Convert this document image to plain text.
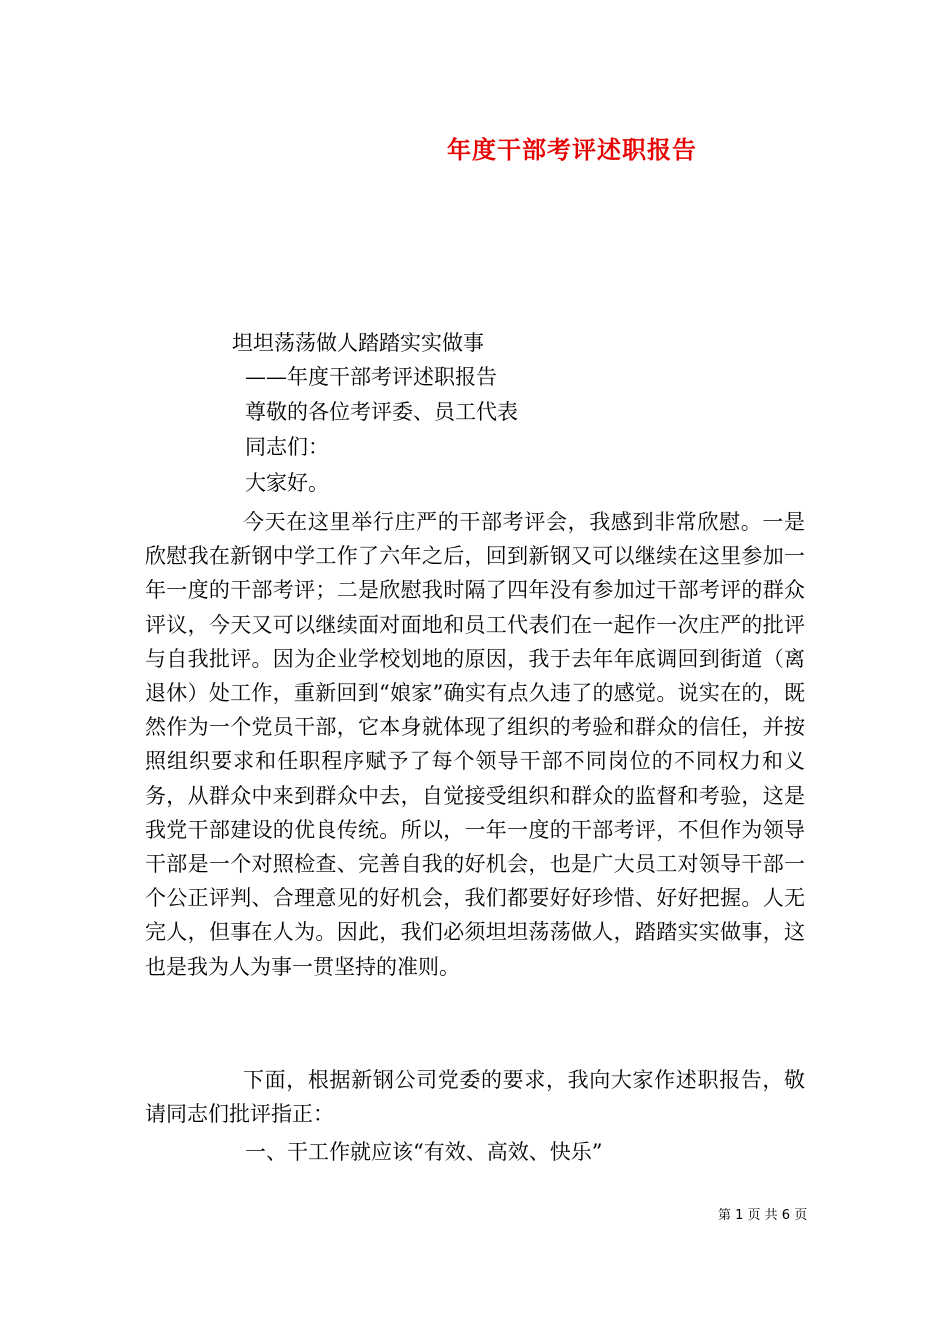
年度干部考评述职报告
坦坦荡荡做人踏踏实实做事
——年度干部考评述职报告
尊敬的各位考评委、员工代表
同志们：
大家好。
今天在这里举行庄严的干部考评会，我感到非常欣慰。一是欣慰我在新钢中学工作了六年之后，回到新钢又可以继续在这里参加一年一度的干部考评；二是欣慰我时隔了四年没有参加过干部考评的群众评议，今天又可以继续面对面地和员工代表们在一起作一次庄严的批评与自我批评。因为企业学校划地的原因，我于去年年底调回到街道（离退休）处工作，重新回到“娘家”确实有点久违了的感觉。说实在的，既然作为一个党员干部，它本身就体现了组织的考验和群众的信任，并按照组织要求和任职程序赋予了每个领导干部不同岗位的不同权力和义务，从群众中来到群众中去，自觉接受组织和群众的监督和考验，这是我党干部建设的优良传统。所以，一年一度的干部考评，不但作为领导干部是一个对照检查、完善自我的好机会，也是广大员工对领导干部一个公正评判、合理意见的好机会，我们都要好好珍惜、好好把握。人无完人，但事在人为。因此，我们必须坦坦荡荡做人，踏踏实实做事，这也是我为人为事一贯坚持的准则。
下面，根据新钢公司党委的要求，我向大家作述职报告，敬请同志们批评指正：
一、干工作就应该“有效、高效、快乐”
第 1 页 共 6 页
